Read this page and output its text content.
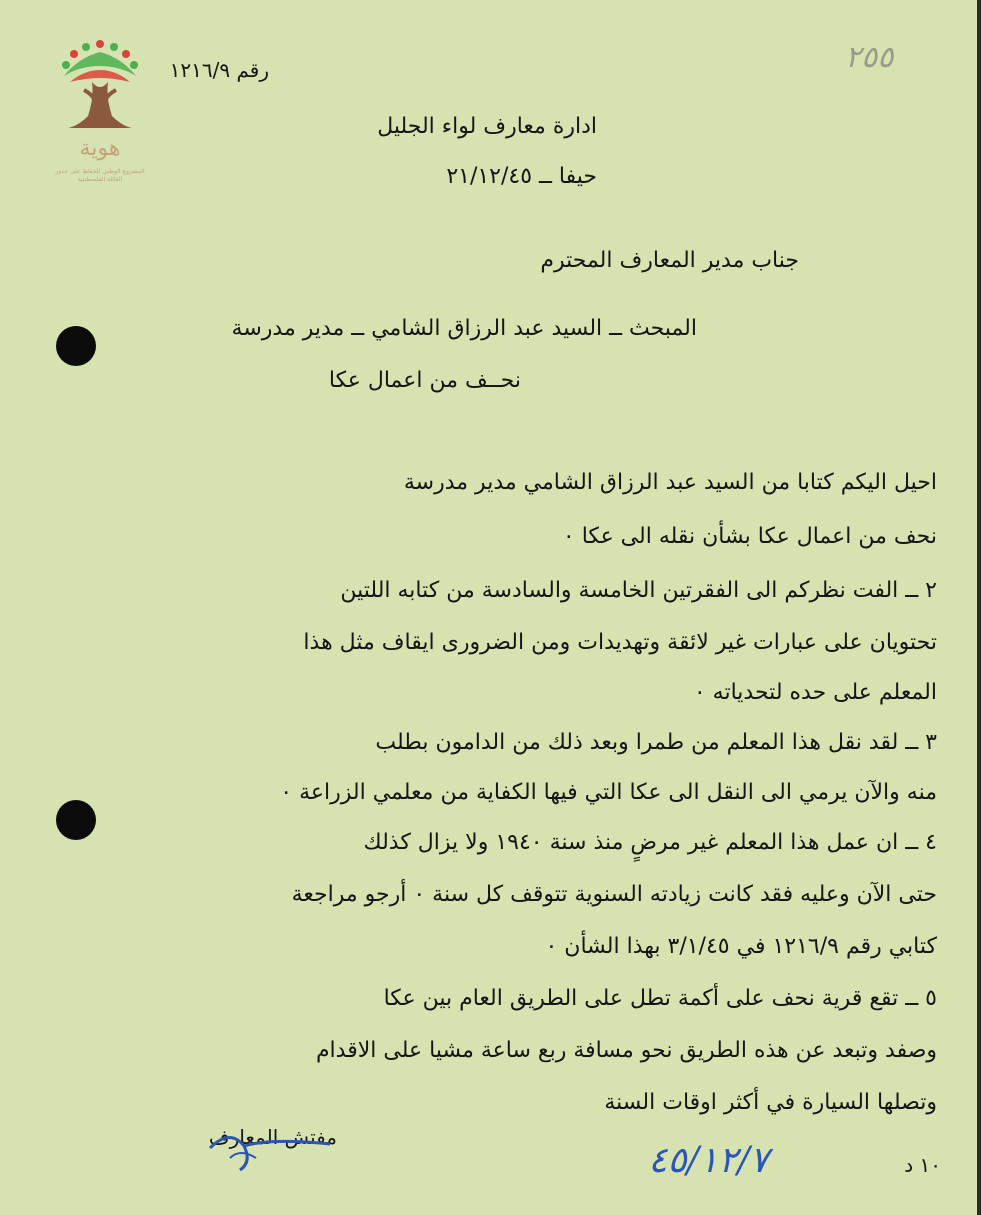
هوية
المشروع الوطني للحفاظ على جذور العائلة الفلسطينية
٢٥٥
رقم ١٢١٦/٩
ادارة معارف لواء الجليل
حيفا ــ ٢١/١٢/٤٥
جناب مدير المعارف المحترم
المبحث ــ السيد عبد الرزاق الشامي ــ مدير مدرسة
نحــف من اعمال عكا
احيل اليكم كتابا من السيد عبد الرزاق الشامي مدير مدرسة
نحف من اعمال عكا بشأن نقله الى عكا ٠
٢ ــ الفت نظركم الى الفقرتين الخامسة والسادسة من كتابه اللتين
تحتويان على عبارات غير لائقة وتهديدات ومن الضرورى ايقاف مثل هذا
المعلم على حده لتحدياته ٠
٣ ــ لقد نقل هذا المعلم من طمرا وبعد ذلك من الدامون بطلب
منه والآن يرمي الى النقل الى عكا التي فيها الكفاية من معلمي الزراعة ٠
٤ ــ ان عمل هذا المعلم غير مرضٍ منذ سنة ١٩٤٠ ولا يزال كذلك
حتى الآن وعليه فقد كانت زيادته السنوية تتوقف كل سنة ٠ أرجو مراجعة
كتابي رقم ١٢١٦/٩ في ٣/١/٤٥ بهذا الشأن ٠
٥ ــ تقع قرية نحف على أكمة تطل على الطريق العام بين عكا
وصفد وتبعد عن هذه الطريق نحو مسافة ربع ساعة مشيا على الاقدام
وتصلها السيارة في أكثر اوقات السنة
مفتش المعارف
٤٥/١٢/٧	١٠ د
